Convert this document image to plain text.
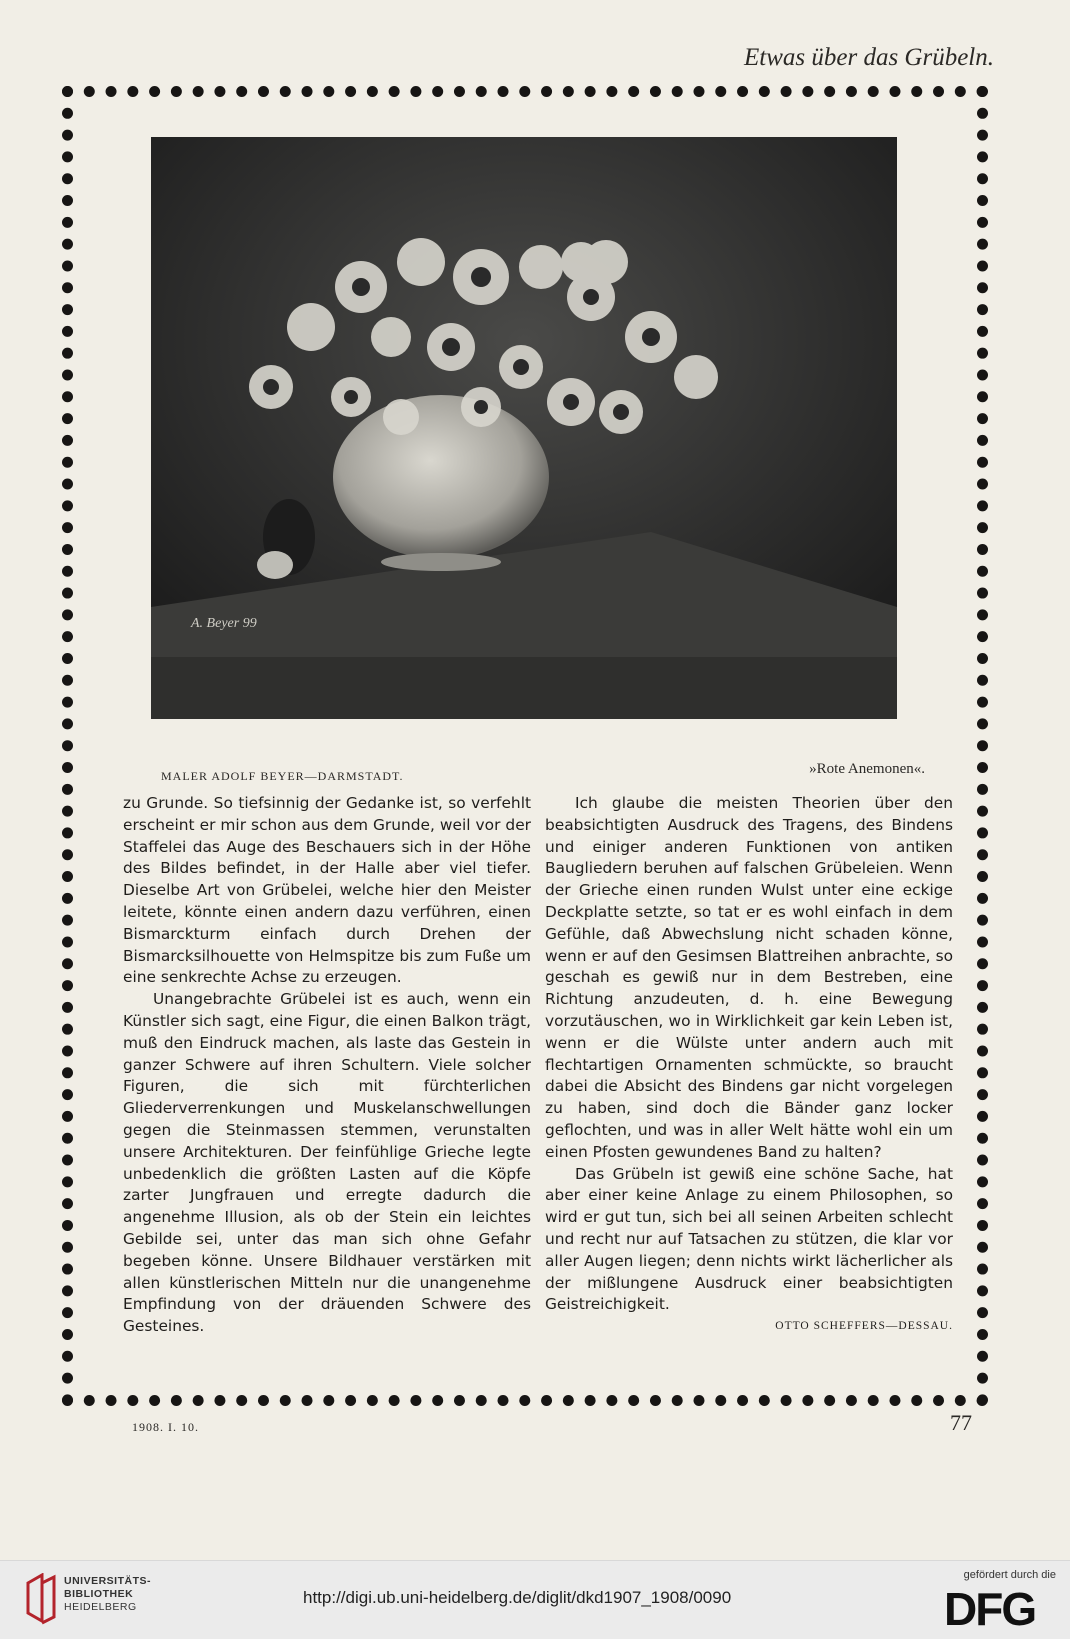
Etwas über das Grübeln.
A. Beyer 99
MALER ADOLF BEYER—DARMSTADT.	»Rote Anemonen«.

zu Grunde. So tiefsinnig der Gedanke ist, so verfehlt erscheint er mir schon aus dem Grunde, weil vor der Staffelei das Auge des Beschauers sich in der Höhe des Bildes befindet, in der Halle aber viel tiefer. Dieselbe Art von Grübelei, welche hier den Meister leitete, könnte einen andern dazu verführen, einen Bismarckturm einfach durch Drehen der Bismarcksilhouette von Helmspitze bis zum Fuße um eine senkrechte Achse zu erzeugen.

Unangebrachte Grübelei ist es auch, wenn ein Künstler sich sagt, eine Figur, die einen Balkon trägt, muß den Eindruck machen, als laste das Gestein in ganzer Schwere auf ihren Schultern. Viele solcher Figuren, die sich mit fürchterlichen Gliederverrenkungen und Muskelanschwellungen gegen die Steinmassen stemmen, verunstalten unsere Architekturen. Der feinfühlige Grieche legte unbedenklich die größten Lasten auf die Köpfe zarter Jungfrauen und erregte dadurch die angenehme Illusion, als ob der Stein ein leichtes Gebilde sei, unter das man sich ohne Gefahr begeben könne. Unsere Bildhauer verstärken mit allen künstlerischen Mitteln nur die unangenehme Empfindung von der dräuenden Schwere des Gesteines.

Ich glaube die meisten Theorien über den beabsichtigten Ausdruck des Tragens, des Bindens und einiger anderen Funktionen von antiken Baugliedern beruhen auf falschen Grübeleien. Wenn der Grieche einen runden Wulst unter eine eckige Deckplatte setzte, so tat er es wohl einfach in dem Gefühle, daß Abwechslung nicht schaden könne, wenn er auf den Gesimsen Blattreihen anbrachte, so geschah es gewiß nur in dem Bestreben, eine Richtung anzudeuten, d. h. eine Bewegung vorzutäuschen, wo in Wirklichkeit gar kein Leben ist, wenn er die Wülste unter andern auch mit flechtartigen Ornamenten schmückte, so braucht dabei die Absicht des Bindens gar nicht vorgelegen zu haben, sind doch die Bänder ganz locker geflochten, und was in aller Welt hätte wohl ein um einen Pfosten gewundenes Band zu halten?

Das Grübeln ist gewiß eine schöne Sache, hat aber einer keine Anlage zu einem Philosophen, so wird er gut tun, sich bei all seinen Arbeiten schlecht und recht nur auf Tatsachen zu stützen, die klar vor aller Augen liegen; denn nichts wirkt lächerlicher als der mißlungene Ausdruck einer beabsichtigten Geistreichigkeit.

OTTO SCHEFFERS—DESSAU.

1908. I. 10.	77
UNIVERSITÄTS-
BIBLIOTHEK
HEIDELBERG	http://digi.ub.uni-heidelberg.de/diglit/dkd1907_1908/0090
gefördert durch die
DFG
